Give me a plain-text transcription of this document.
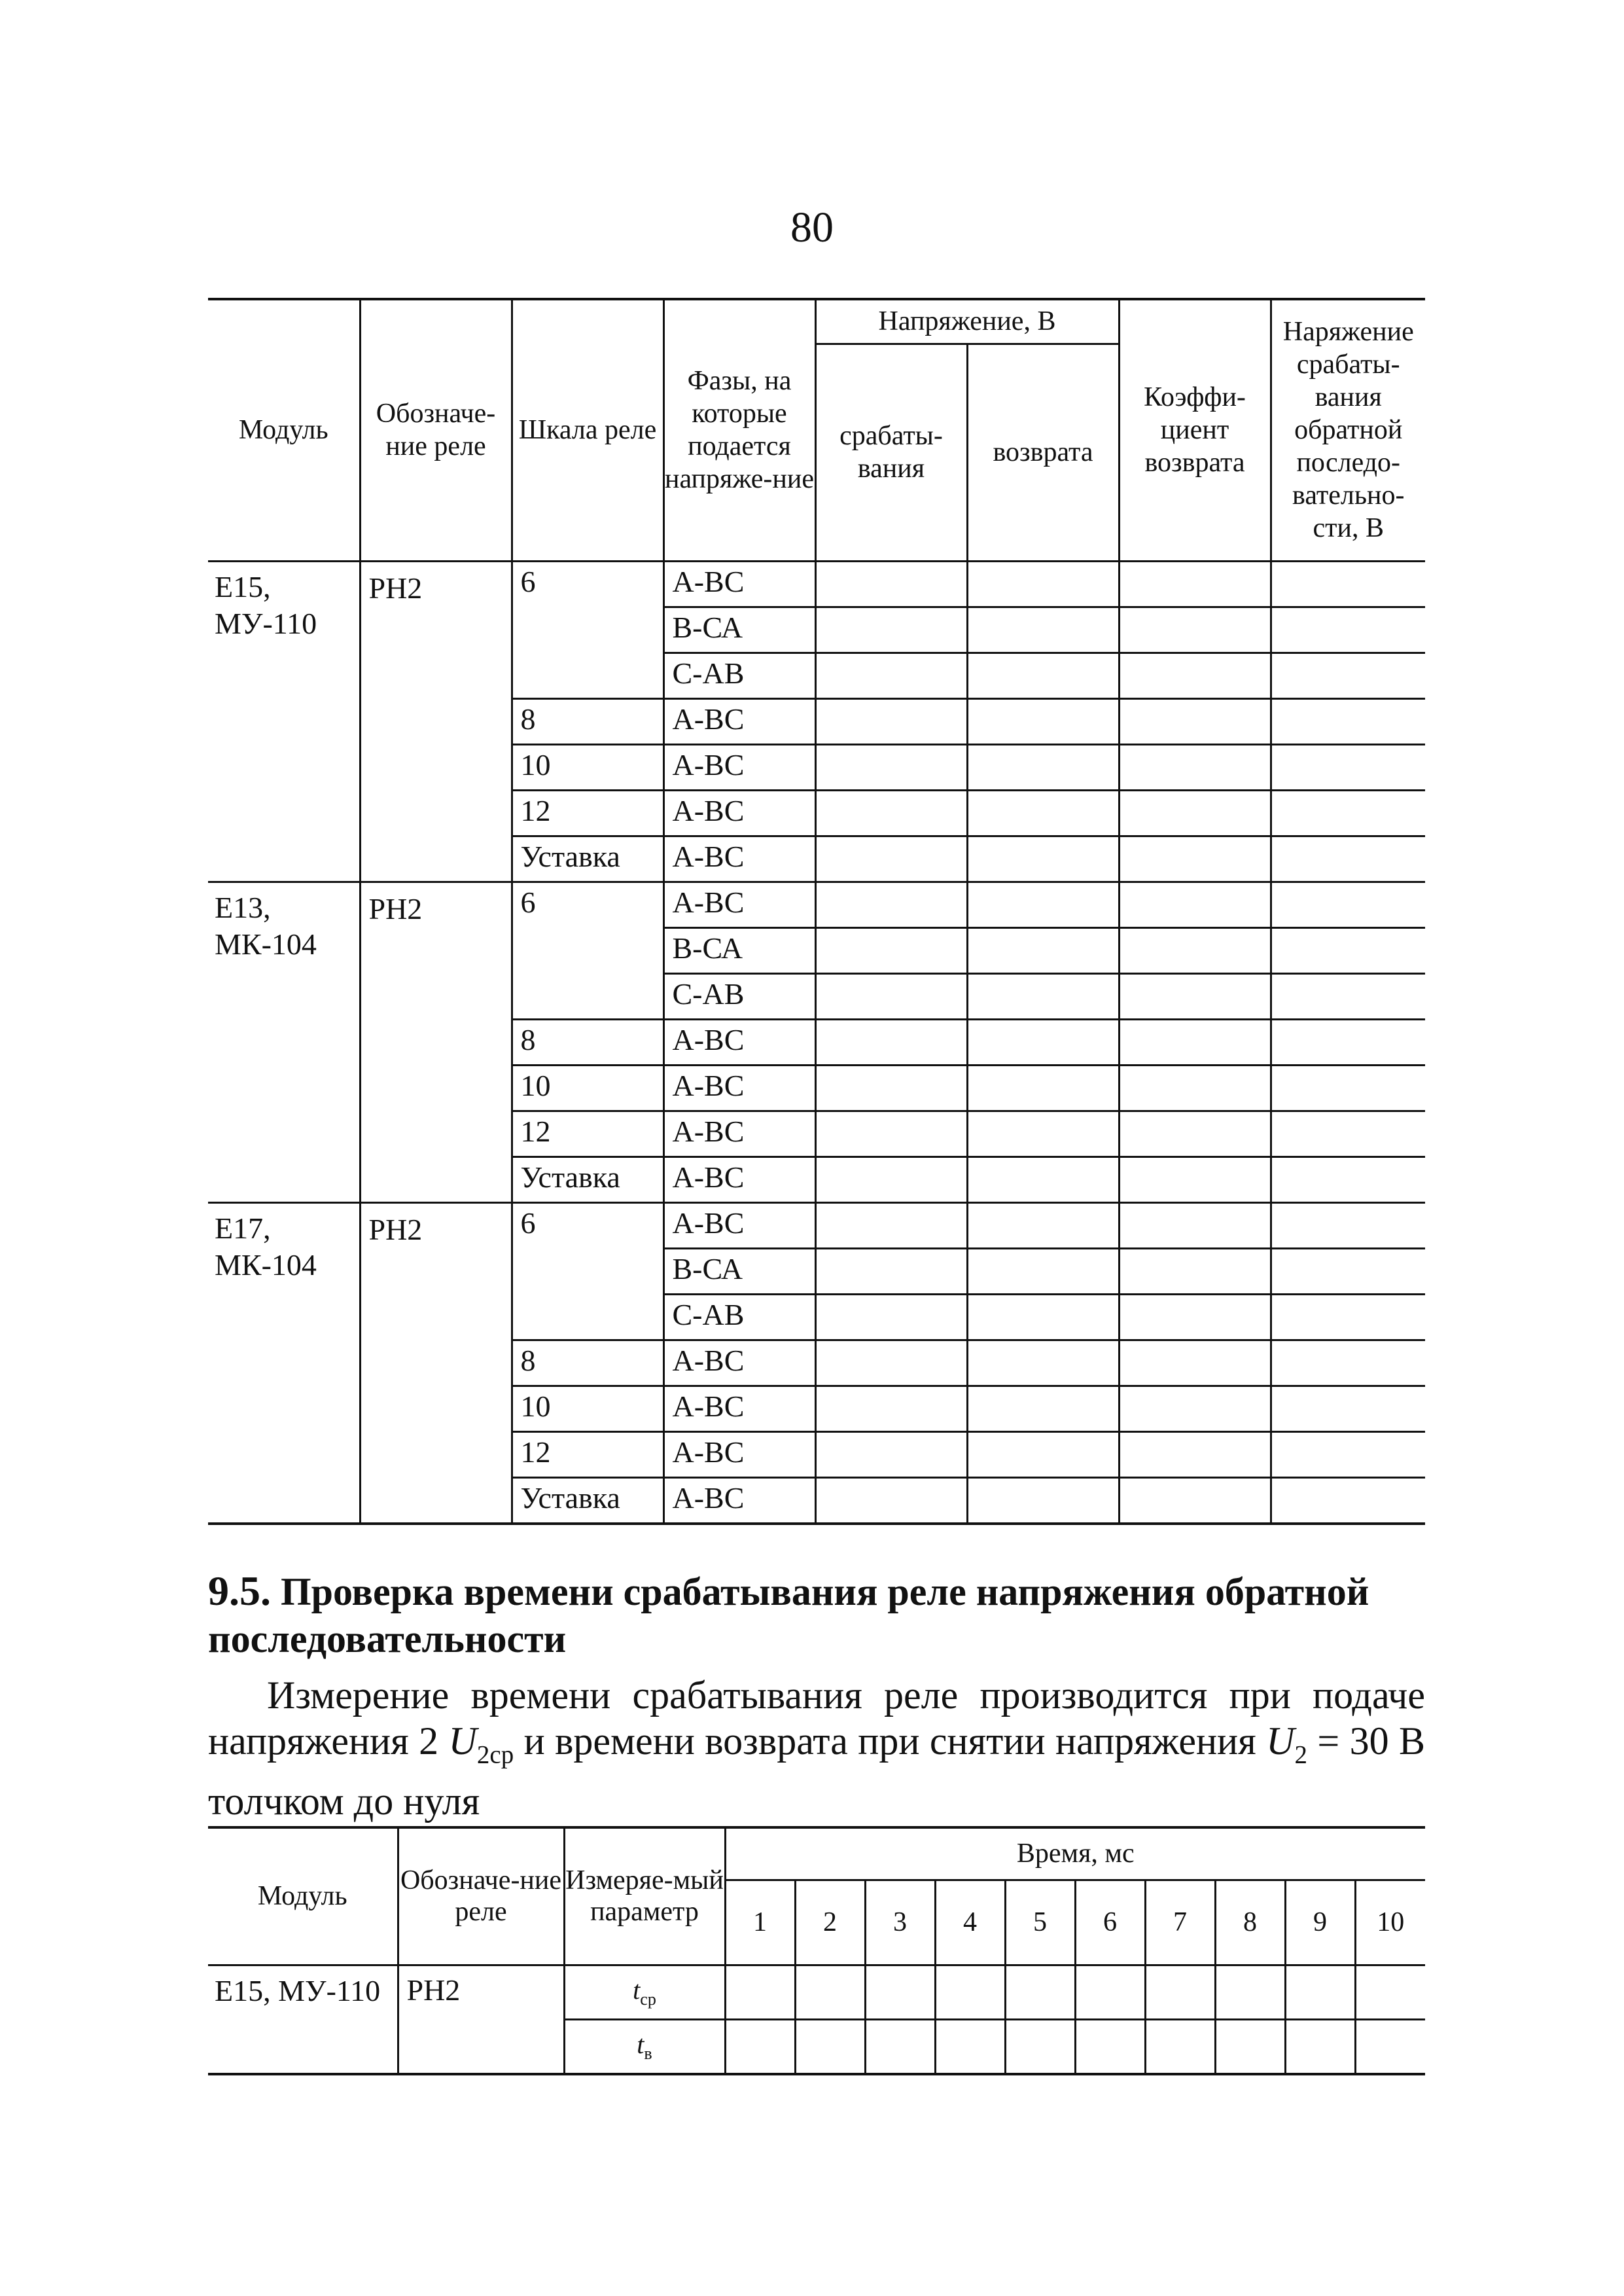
80
Модуль	Обозначе-ние реле	Шкала реле	Фазы, на которые подается напряже-ние	Напряжение, В		Коэффи-циент возврата	Наряжение срабаты-вания обратной последо-вательно-сти, В
				срабаты-вания	возврата		
Е15, МУ-110	РН2	6	А-ВС				
			В-СА				
			С-АВ				
		8	А-ВС				
		10	А-ВС				
		12	А-ВС				
		Уставка	А-ВС				
Е13, МК-104	РН2	6	А-ВС				
			В-СА				
			С-АВ				
		8	А-ВС				
		10	А-ВС				
		12	А-ВС				
		Уставка	А-ВС				
Е17, МК-104	РН2	6	А-ВС				
			В-СА				
			С-АВ				
		8	А-ВС				
		10	А-ВС				
		12	А-ВС				
		Уставка	А-ВС				
9.5. Проверка времени срабатывания реле напряжения обратной последовательности
Измерение времени срабатывания реле производится при подаче напряжения 2 $U_{2ср}$ и времени возврата при снятии напряжения $U_2 = 30$ В толчком до нуля
Модуль	Обозначе-ние реле	Измеряе-мый параметр	Время, мс									
			1	2	3	4	5	6	7	8	9	10
Е15, МУ-110	РН2	$t_{ср}$										
		$t_в$										
